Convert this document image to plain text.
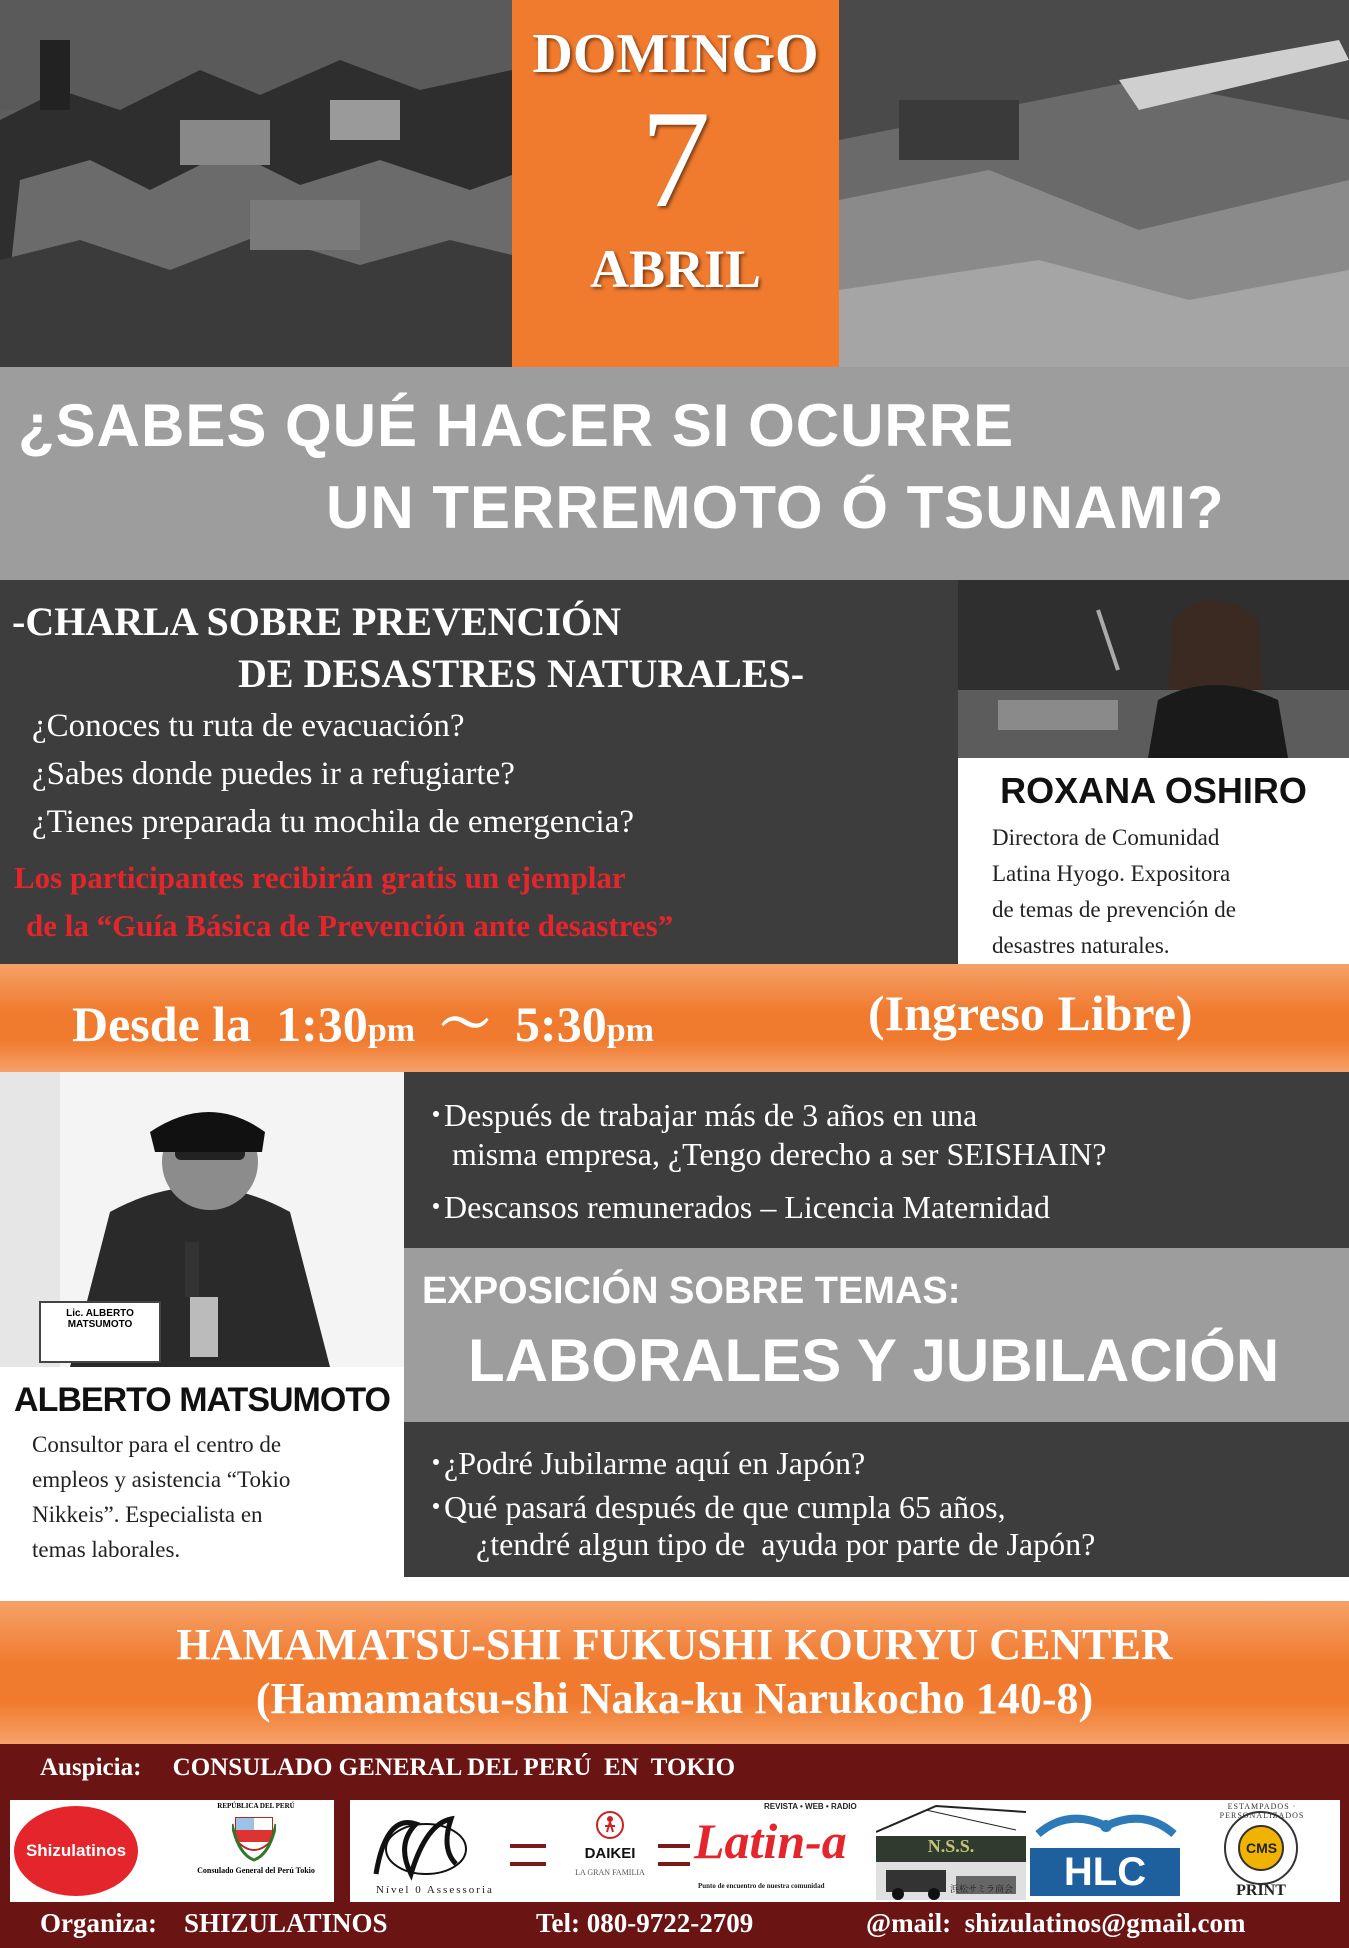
DOMINGO
7
ABRIL
¿SABES QUÉ HACER SI OCURRE
UN TERREMOTO Ó TSUNAMI?
-CHARLA SOBRE PREVENCIÓN
DE DESASTRES NATURALES-
¿Conoces tu ruta de evacuación?
¿Sabes donde puedes ir a refugiarte?
¿Tienes preparada tu mochila de emergencia?
Los participantes recibirán gratis un ejemplar
de la “Guía Básica de Prevención ante desastres”
ROXANA OSHIRO
Directora de Comunidad
Latina Hyogo. Expositora
de temas de prevención de
desastres naturales.
Desde la  1:30pm  〜  5:30pm	(Ingreso Libre)
Lic. ALBERTO MATSUMOTO
ALBERTO MATSUMOTO
Consultor para el centro de
empleos y asistencia “Tokio
Nikkeis”. Especialista en
temas laborales.
･Después de trabajar más de 3 años en una
misma empresa, ¿Tengo derecho a ser SEISHAIN?
･Descansos remunerados – Licencia Maternidad
EXPOSICIÓN SOBRE TEMAS:
LABORALES Y JUBILACIÓN
･¿Podré Jubilarme aquí en Japón?
･Qué pasará después de que cumpla 65 años,
¿tendré algun tipo de  ayuda por parte de Japón?
HAMAMATSU-SHI FUKUSHI KOURYU CENTER
(Hamamatsu-shi Naka-ku Narukocho 140-8)
Auspicia: CONSULADO GENERAL DEL PERÚ  EN  TOKIO
Shizulatinos
REPÚBLICA DEL PERÚ
Consulado General del Perú Tokio
Nível 0 Assessoria
DAIKEI
LA GRAN FAMILIA
REVISTA • WEB • RADIO
Latin-a
Punto de encuentro de nuestra comunidad
N.S.S.
浜松サミラ商会	HLC
ESTAMPADOS · PERSONALIZADOS
CMS
PRINT
Organiza: SHIZULATINOS	Tel: 080-9722-2709	@mail:  shizulatinos@gmail.com
